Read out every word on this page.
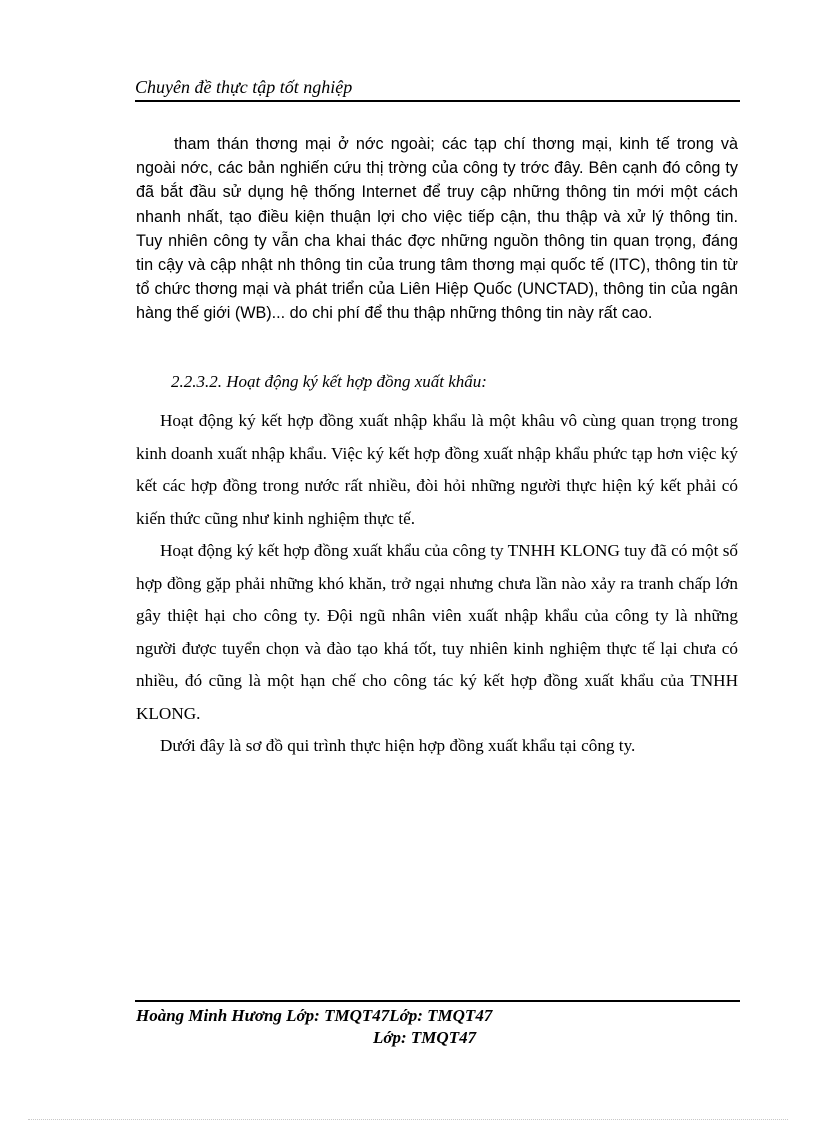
Chuyên đề thực tập tốt nghiệp

tham thán thơng mại ở nớc ngoài; các tạp chí thơng mại, kinh tế trong và ngoài nớc, các bản nghiến cứu thị trờng của công ty trớc đây. Bên cạnh đó công ty đã bắt đầu sử dụng hệ thống Internet để truy cập những thông tin mới một cách nhanh nhất, tạo điều kiện thuận lợi cho việc tiếp cận, thu thập và xử lý thông tin. Tuy nhiên công ty vẫn cha khai thác đợc những nguồn thông tin quan trọng, đáng tin cậy và cập nhật nh thông tin của trung tâm thơng mại quốc tế (ITC), thông tin từ tổ chức thơng mại và phát triển của Liên Hiệp Quốc (UNCTAD), thông tin của ngân hàng thế giới (WB)... do chi phí để thu thập những thông tin này rất cao.

2.2.3.2. Hoạt động ký kết hợp đồng xuất khẩu:

Hoạt động ký kết hợp đồng xuất nhập khẩu là một khâu vô cùng quan trọng trong kinh doanh xuất nhập khẩu. Việc ký kết hợp đồng xuất nhập khẩu phức tạp hơn việc ký kết các hợp đồng trong nước rất nhiều, đòi hỏi những người thực hiện ký kết phải có kiến thức cũng như kinh nghiệm thực tế.

Hoạt động ký kết hợp đồng xuất khẩu của công ty TNHH KLONG tuy đã có một số hợp đồng gặp phải những khó khăn, trở ngại nhưng chưa lần nào xảy ra tranh chấp lớn gây thiệt hại cho công ty. Đội ngũ nhân viên xuất nhập khẩu của công ty là những người được tuyển chọn và đào tạo khá tốt, tuy nhiên kinh nghiệm thực tế lại chưa có nhiều, đó cũng là một hạn chế cho công tác ký kết hợp đồng xuất khẩu của TNHH KLONG.

Dưới đây là sơ đồ qui trình thực hiện hợp đồng xuất khẩu tại công ty.

Hoàng Minh Hương Lớp: TMQT47Lớp: TMQT47
Lớp: TMQT47
